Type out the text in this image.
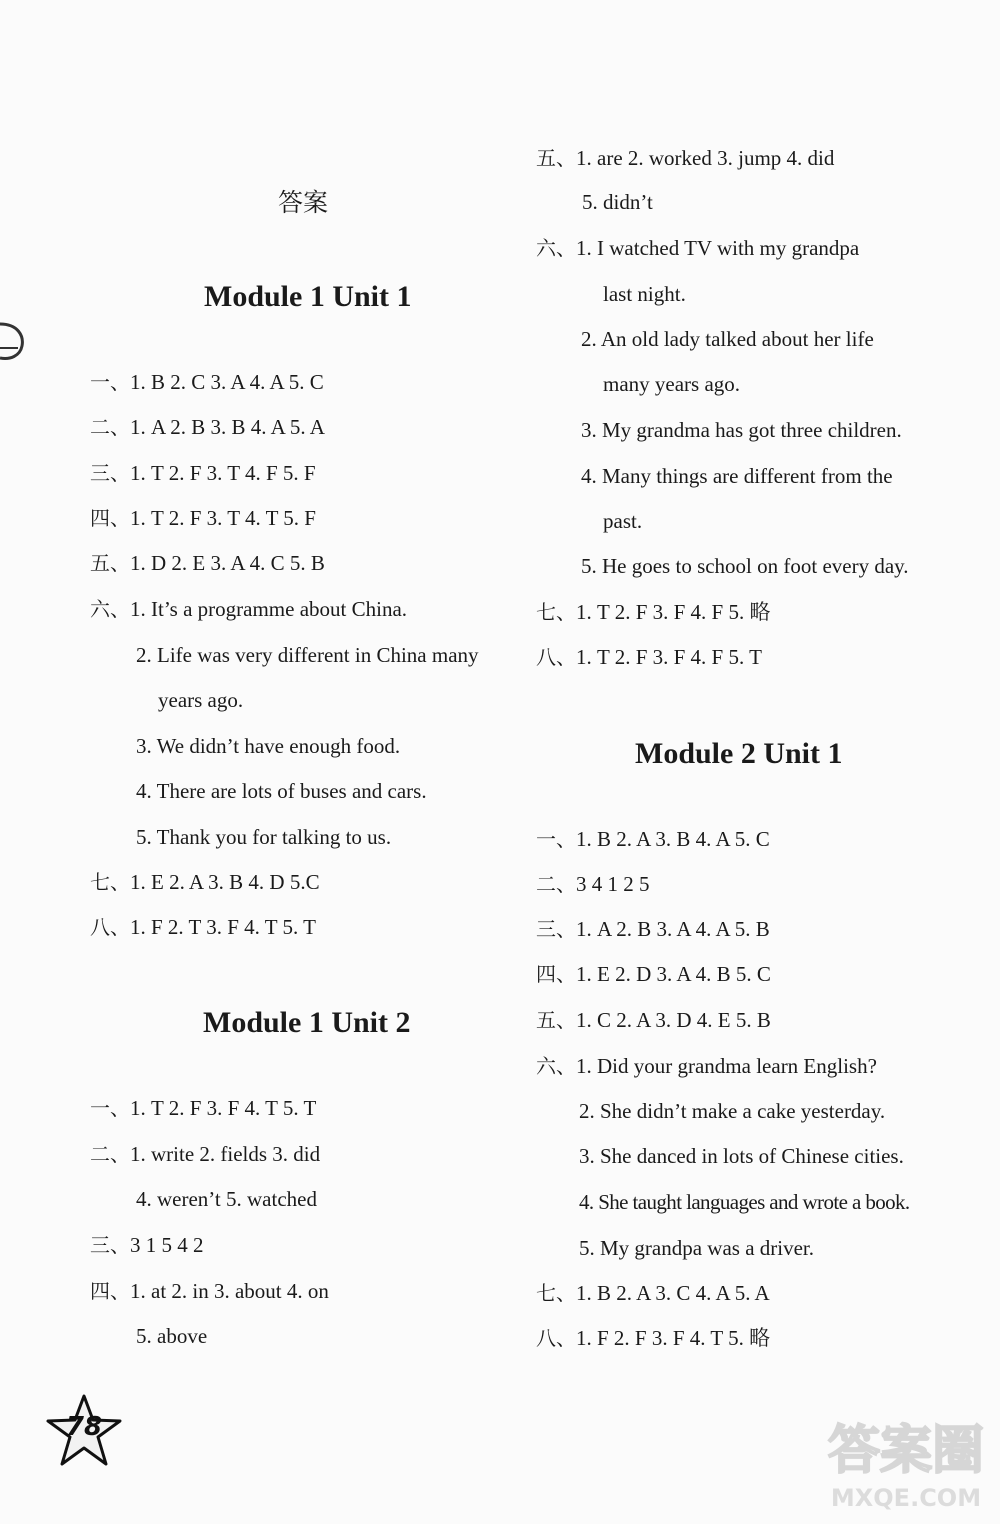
答案
Module 1 Unit 1
一、1. B 2. C 3. A 4. A 5. C
二、1. A 2. B 3. B 4. A 5. A
三、1. T 2. F 3. T 4. F 5. F
四、1. T 2. F 3. T 4. T 5. F
五、1. D 2. E 3. A 4. C 5. B
六、1. It’s a programme about China.
2. Life was very different in China many
years ago.
3. We didn’t have enough food.
4. There are lots of buses and cars.
5. Thank you for talking to us.
七、1. E 2. A 3. B 4. D 5.C
八、1. F 2. T 3. F 4. T 5. T
Module 1 Unit 2
一、1. T 2. F 3. F 4. T 5. T
二、1. write 2. fields 3. did
4. weren’t 5. watched
三、3 1 5 4 2
四、1. at 2. in 3. about 4. on
5. above
五、1. are 2. worked 3. jump 4. did
5. didn’t
六、1. I watched TV with my grandpa
last night.
2. An old lady talked about her life
many years ago.
3. My grandma has got three children.
4. Many things are different from the
past.
5. He goes to school on foot every day.
七、1. T 2. F 3. F 4. F 5. 略
八、1. T 2. F 3. F 4. F 5. T
Module 2 Unit 1
一、1. B 2. A 3. B 4. A 5. C
二、3 4 1 2 5
三、1. A 2. B 3. A 4. A 5. B
四、1. E 2. D 3. A 4. B 5. C
五、1. C 2. A 3. D 4. E 5. B
六、1. Did your grandma learn English?
2. She didn’t make a cake yesterday.
3. She danced in lots of Chinese cities.
4. She taught languages and wrote a book.
5. My grandpa was a driver.
七、1. B 2. A 3. C 4. A 5. A
八、1. F 2. F 3. F 4. T 5. 略
78	答案圈
MXQE.COM
